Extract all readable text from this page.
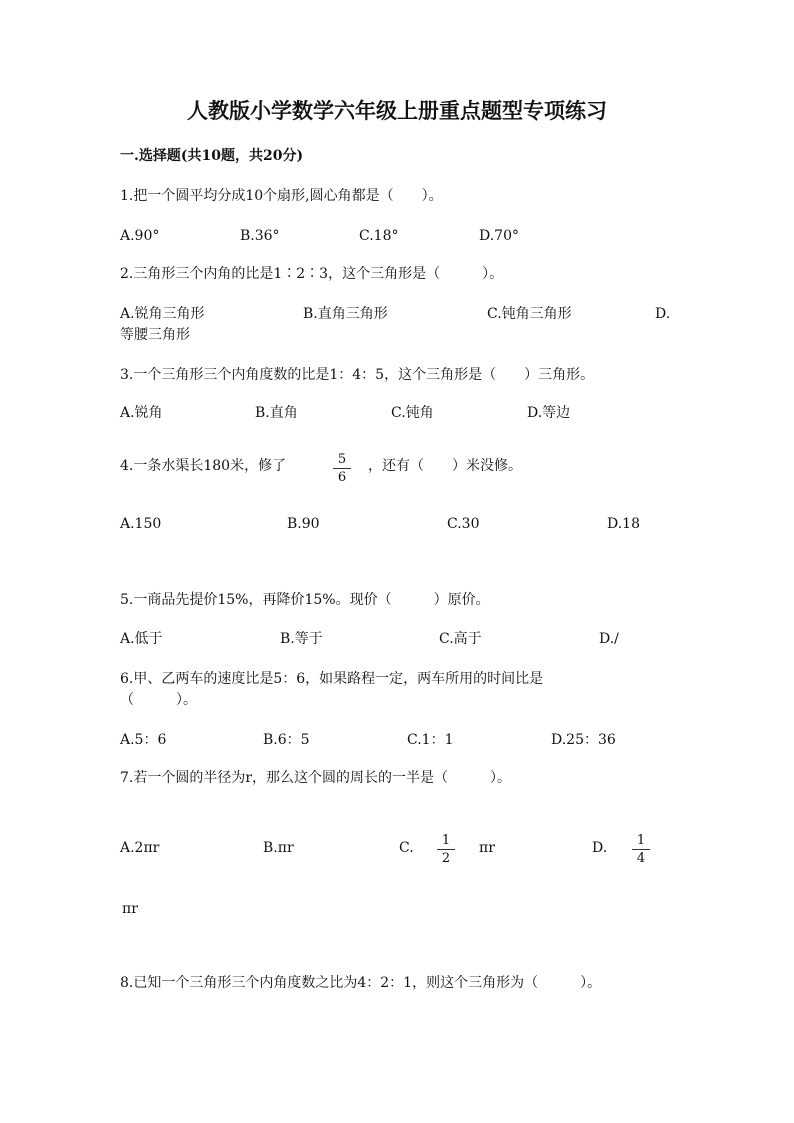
人教版小学数学六年级上册重点题型专项练习
一.选择题(共10题，共20分)
1.把一个圆平均分成10个扇形,圆心角都是（　　）。
A.90°	B.36°	C.18°	D.70°
2.三角形三个内角的比是1∶2∶3，这个三角形是（　　　）。
A.锐角三角形	B.直角三角形	C.钝角三角形	D.
等腰三角形
3.一个三角形三个内角度数的比是1：4：5，这个三角形是（　　）三角形。
A.锐角	B.直角	C.钝角	D.等边
4.一条水渠长180米，修了	$\frac{5}{6}$ ，还有（　　）米没修。
A.150	B.90	C.30	D.18
5.一商品先提价15%，再降价15%。现价（　　　）原价。
A.低于	B.等于	C.高于	D./
6.甲、乙两车的速度比是5：6，如果路程一定，两车所用的时间比是
（　　　）。
A.5：6	B.6：5	C.1：1	D.25：36
7.若一个圆的半径为r，那么这个圆的周长的一半是（　　　）。
A.2πr	B.πr	C. $\frac{1}{2}$ πr	D. $\frac{1}{4}$
πr
8.已知一个三角形三个内角度数之比为4：2：1，则这个三角形为（　　　）。
